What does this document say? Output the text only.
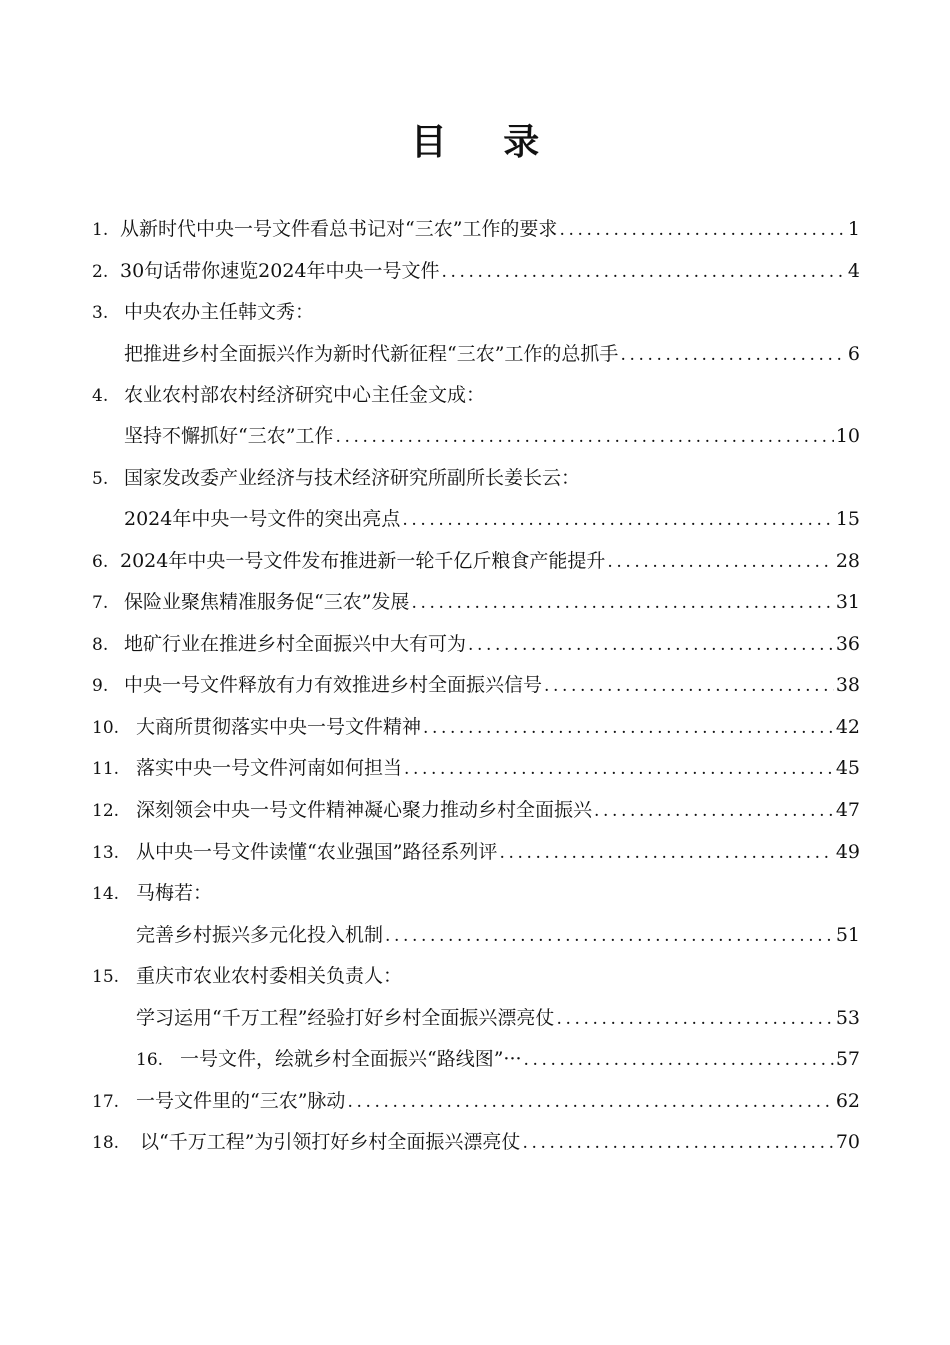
目 录
1. 从新时代中央一号文件看总书记对“三农”工作的要求 .....	1
2. 30句话带你速览2024年中央一号文件 .....	4
3. 中央农办主任韩文秀：
把推进乡村全面振兴作为新时代新征程“三农”工作的总抓手 .....	6
4. 农业农村部农村经济研究中心主任金文成：
坚持不懈抓好“三农”工作 .....	10
5. 国家发改委产业经济与技术经济研究所副所长姜长云：
2024年中央一号文件的突出亮点 .....	15
6. 2024年中央一号文件发布推进新一轮千亿斤粮食产能提升 .....	28
7. 保险业聚焦精准服务促“三农”发展 .....	31
8. 地矿行业在推进乡村全面振兴中大有可为 .....	36
9. 中央一号文件释放有力有效推进乡村全面振兴信号 .....	38
10. 大商所贯彻落实中央一号文件精神 .....	42
11. 落实中央一号文件河南如何担当 .....	45
12. 深刻领会中央一号文件精神凝心聚力推动乡村全面振兴 .....	47
13. 从中央一号文件读懂“农业强国”路径系列评 .....	49
14. 马梅若：
完善乡村振兴多元化投入机制 .....	51
15. 重庆市农业农村委相关负责人：
学习运用“千万工程”经验打好乡村全面振兴漂亮仗 .....	53
16. 一号文件，绘就乡村全面振兴“路线图”··· .....	57
17. 一号文件里的“三农”脉动 .....	62
18.	以“千万工程”为引领打好乡村全面振兴漂亮仗 .....	70
